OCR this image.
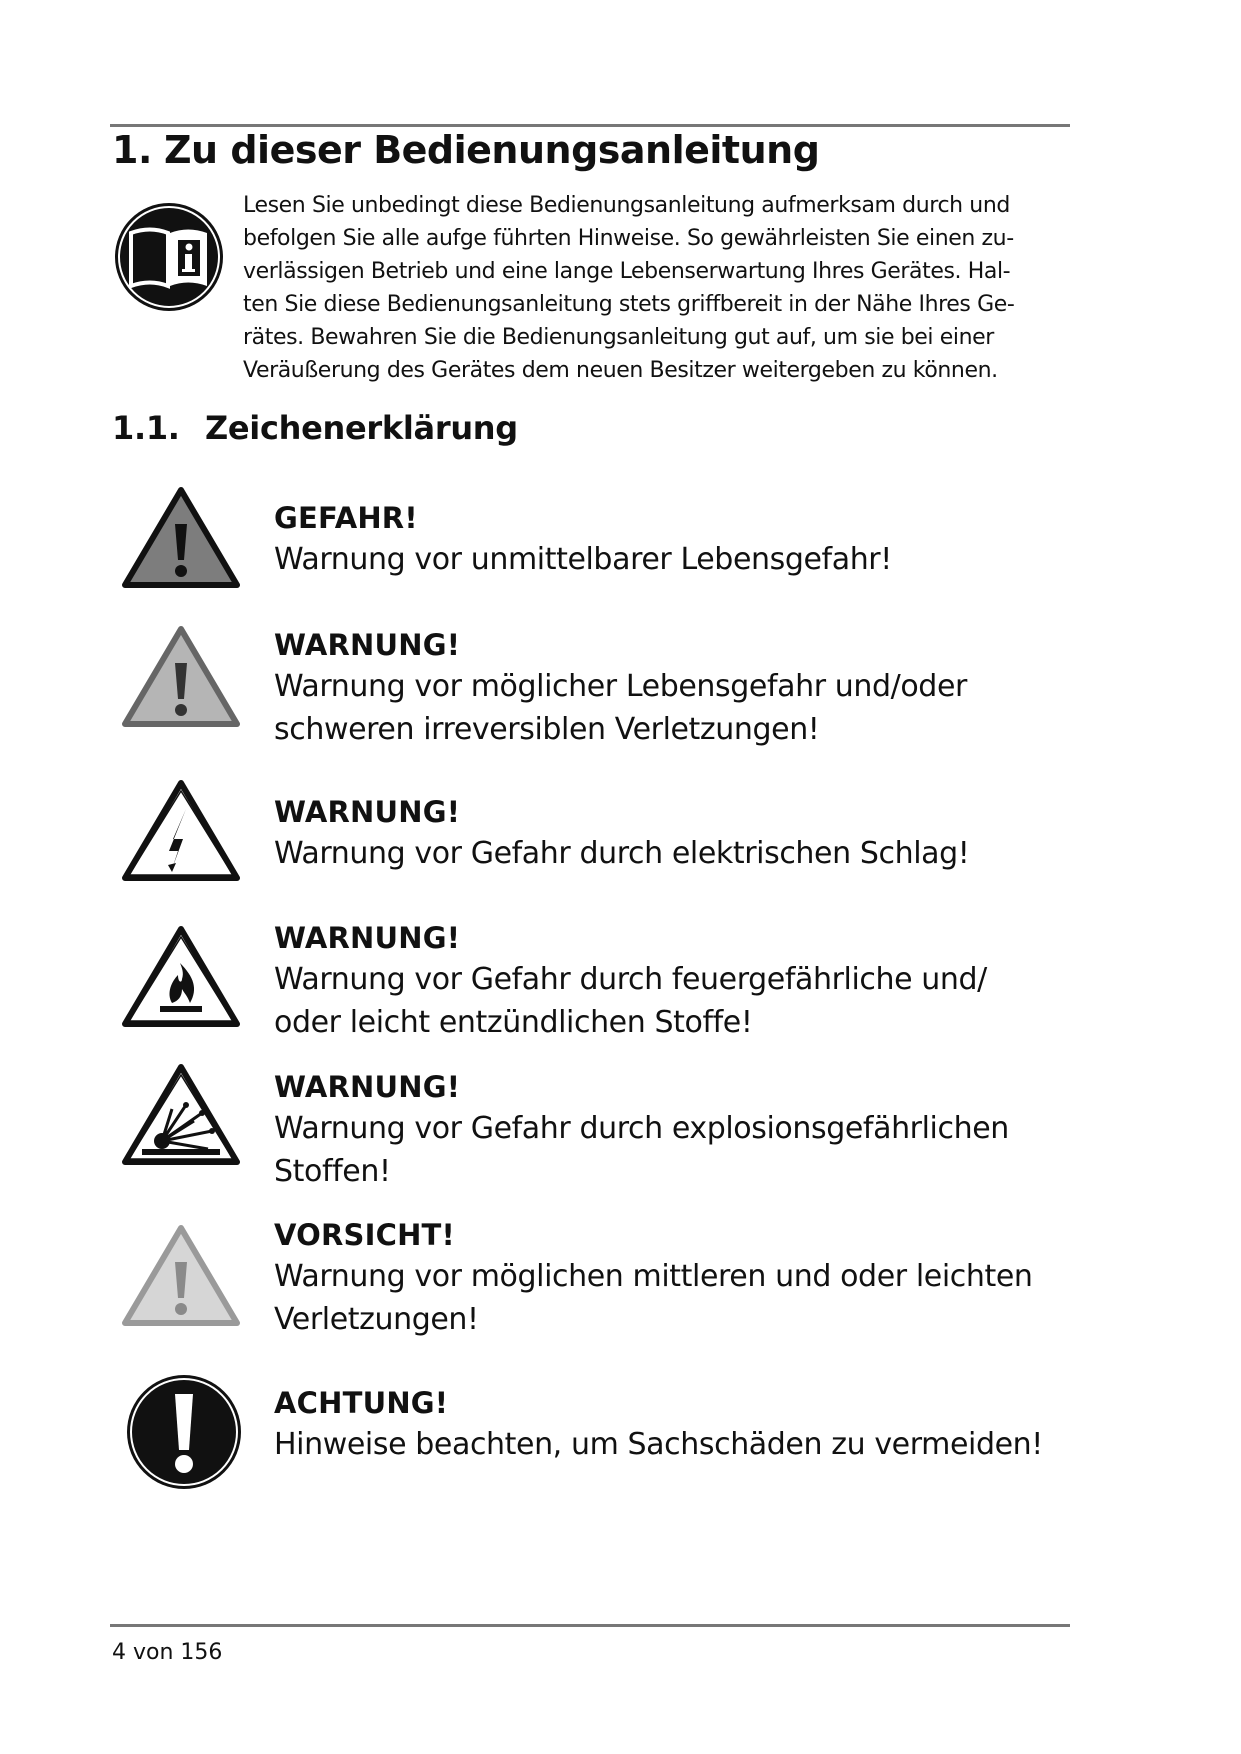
1. Zu dieser Bedienungsanleitung

Lesen Sie unbedingt diese Bedienungsanleitung aufmerksam durch und
befolgen Sie alle aufge führten Hinweise. So gewährleisten Sie einen zu-
verlässigen Betrieb und eine lange Lebenserwartung Ihres Gerätes. Hal-
ten Sie diese Bedienungsanleitung stets griffbereit in der Nähe Ihres Ge-
rätes. Bewahren Sie die Bedienungsanleitung gut auf, um sie bei einer
Veräußerung des Gerätes dem neuen Besitzer weitergeben zu können.

1.1. Zeichenerklärung
GEFAHR!
Warnung vor unmittelbarer Lebensgefahr!
WARNUNG!
Warnung vor möglicher Lebensgefahr und/oder
schweren irreversiblen Verletzungen!
WARNUNG!
Warnung vor Gefahr durch elektrischen Schlag!
WARNUNG!
Warnung vor Gefahr durch feuergefährliche und/
oder leicht entzündlichen Stoffe!
WARNUNG!
Warnung vor Gefahr durch explosionsgefährlichen
Stoffen!
VORSICHT!
Warnung vor möglichen mittleren und oder leichten
Verletzungen!
ACHTUNG!
Hinweise beachten, um Sachschäden zu vermeiden!
4 von 156
